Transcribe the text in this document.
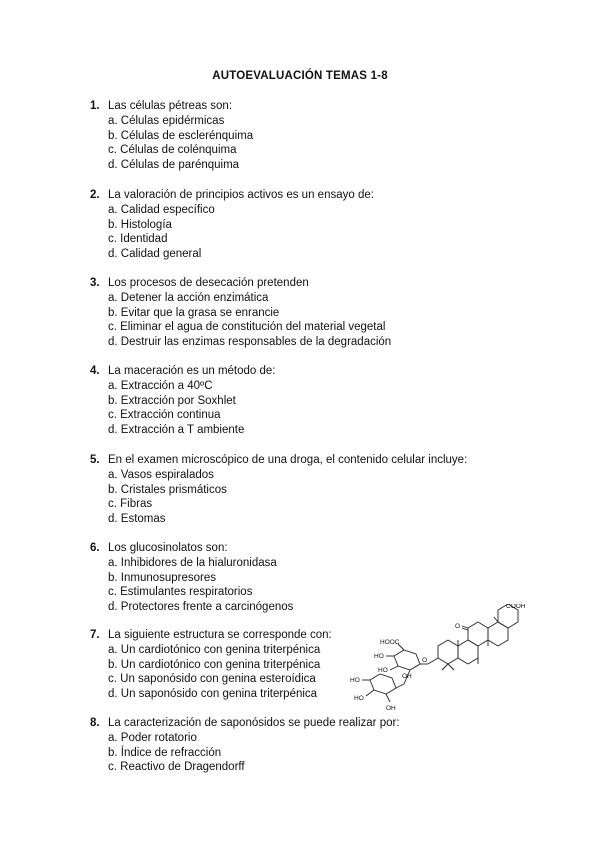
AUTOEVALUACIÓN TEMAS 1-8
1. Las células pétreas son:
a. Células epidérmicas
b. Células de esclerénquima
c. Células de colénquima
d. Células de parénquima
2. La valoración de principios activos es un ensayo de:
a. Calidad específico
b. Histología
c. Identidad
d. Calidad general
3. Los procesos de desecación pretenden
a. Detener la acción enzimática
b. Evitar que la grasa se enrancie
c. Eliminar el agua de constitución del material vegetal
d. Destruir las enzimas responsables de la degradación
4. La maceración es un método de:
a. Extracción a 40ºC
b. Extracción por Soxhlet
c. Extracción continua
d. Extracción a T ambiente
5. En el examen microscópico de una droga, el contenido celular incluye:
a. Vasos espiralados
b. Cristales prismáticos
c. Fibras
d. Estomas
6. Los glucosinolatos son:
a. Inhibidores de la hialuronidasa
b. Inmunosupresores
c. Estimulantes respiratorios
d. Protectores frente a carcinógenos
7. La siguiente estructura se corresponde con:
a. Un cardiotónico con genina triterpénica
b. Un cardiotónico con genina triterpénica
c. Un saponósido con genina esteroídica
d. Un saponósido con genina triterpénica
8. La caracterización de saponósidos se puede realizar por:
a. Poder rotatorio
b. Índice de refracción
c. Reactivo de Dragendorff
COOH
O
HOOC
HO
HO
O
OH
HO
HO
OH
